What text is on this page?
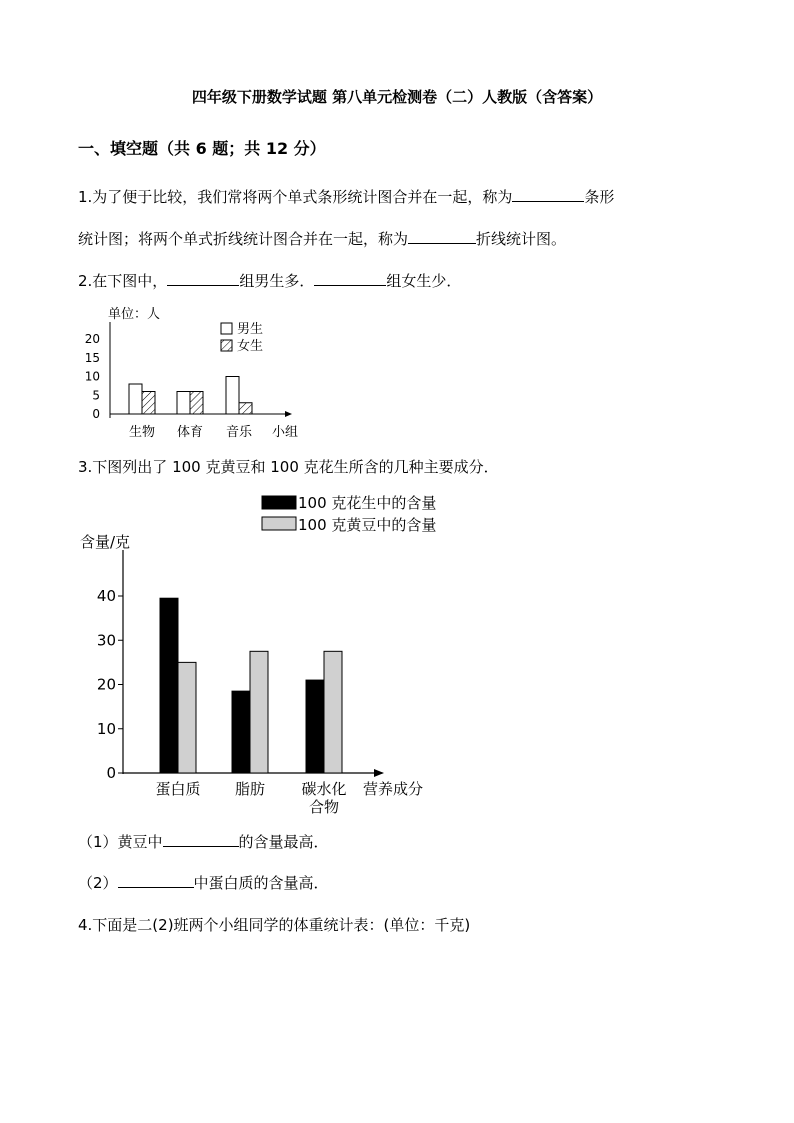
四年级下册数学试题 第八单元检测卷（二）人教版（含答案）
一、填空题（共 6 题；共 12 分）
1.为了便于比较，我们常将两个单式条形统计图合并在一起，称为	条形
统计图；将两个单式折线统计图合并在一起，称为	折线统计图。
2.在下图中，	组男生多．	组女生少．
单位：人
0
5
10
15
20
生物 体育 音乐 小组
男生
女生
3.下图列出了 100 克黄豆和 100 克花生所含的几种主要成分．
100 克花生中的含量
100 克黄豆中的含量
含量/克
0
10
20
30
40
蛋白质 脂肪 碳水化
合物
营养成分
（1）黄豆中	的含量最高．
（2）	中蛋白质的含量高．
4.下面是二(2)班两个小组同学的体重统计表：(单位：千克)
